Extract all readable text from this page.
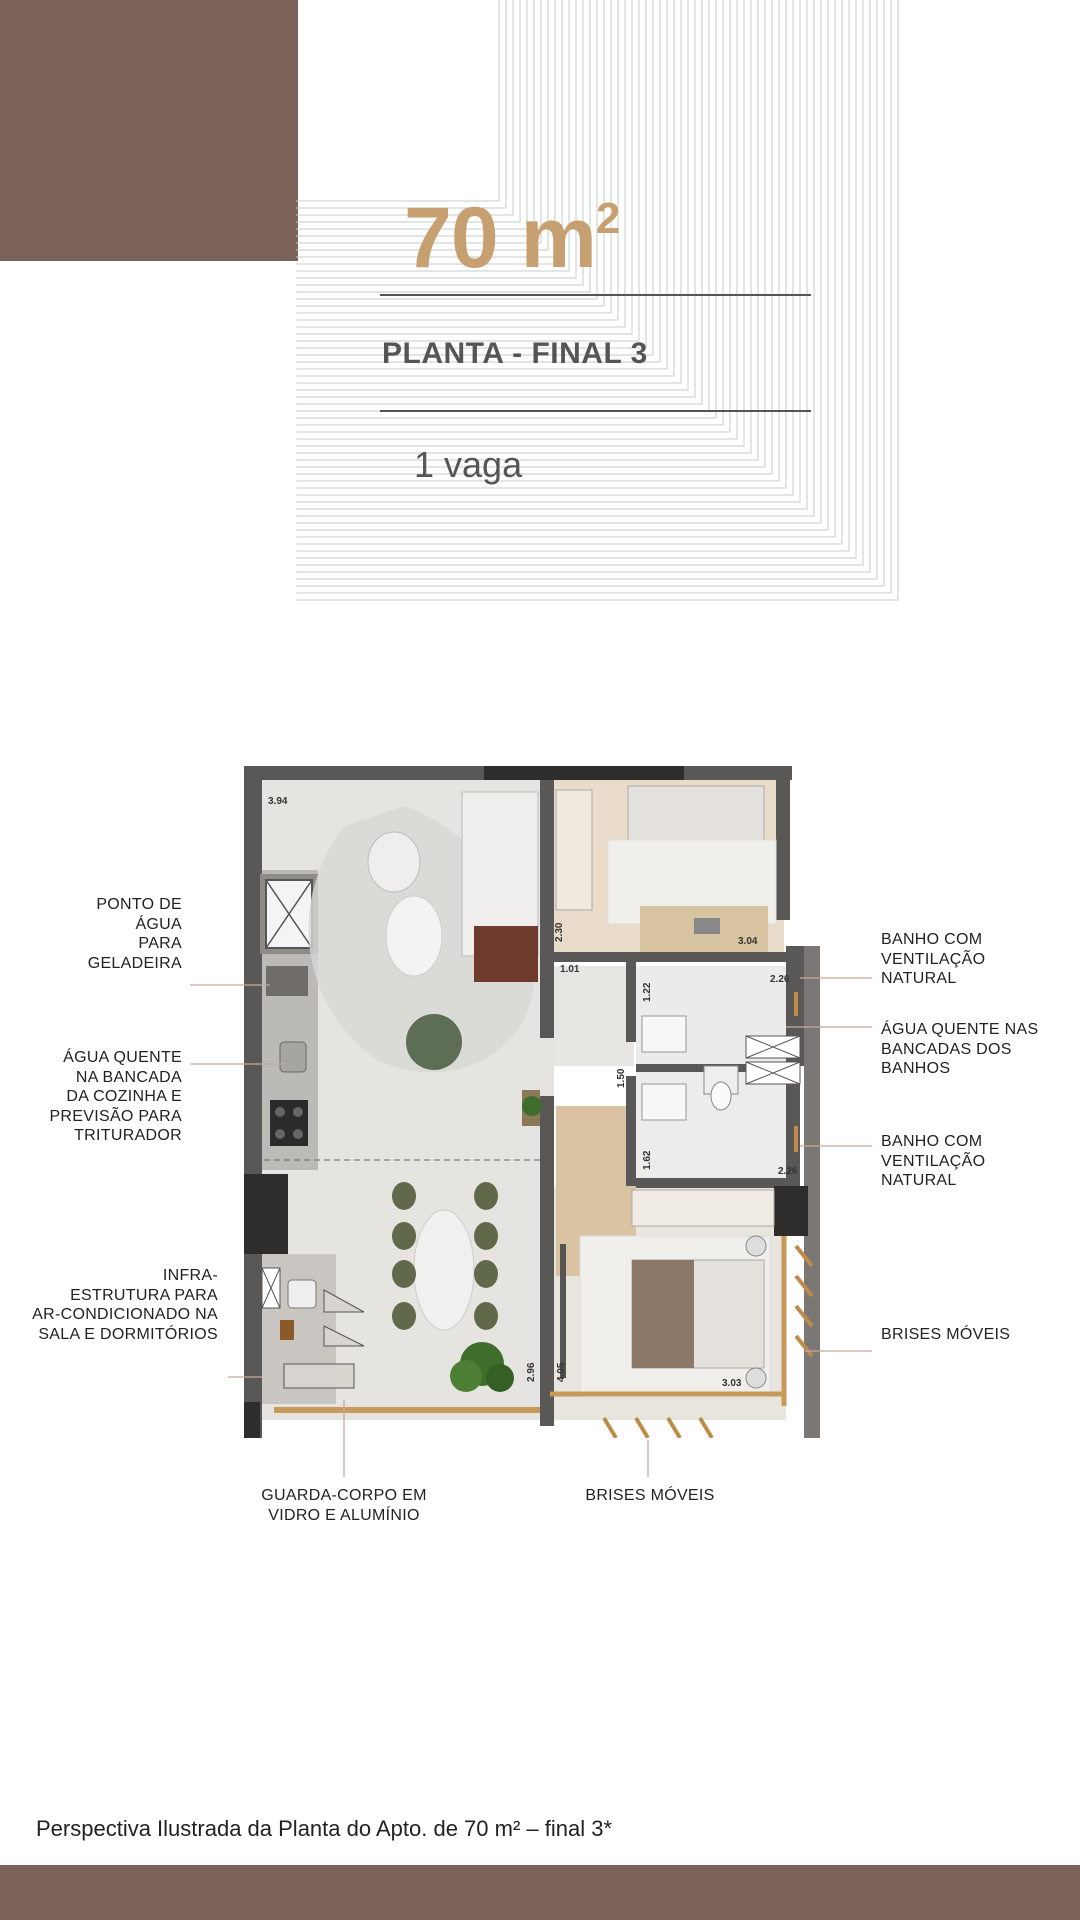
70 $m^2$
PLANTA - FINAL 3
1 vaga
3.94
3.04
2.30
1.01
2.26
1.22
1.50
1.62
2.26
2.96 4.05
3.03
PONTO DE
ÁGUA
PARA
GELADEIRA
ÁGUA QUENTE
NA BANCADA
DA COZINHA E
PREVISÃO PARA
TRITURADOR
INFRA-
ESTRUTURA PARA
AR-CONDICIONADO NA
SALA E DORMITÓRIOS
BANHO COM
VENTILAÇÃO
NATURAL
ÁGUA QUENTE NAS
BANCADAS DOS
BANHOS
BANHO COM
VENTILAÇÃO
NATURAL
BRISES MÓVEIS
GUARDA-CORPO EM
VIDRO E ALUMÍNIO
BRISES MÓVEIS
Perspectiva Ilustrada da Planta do Apto. de 70 m² – final 3*
